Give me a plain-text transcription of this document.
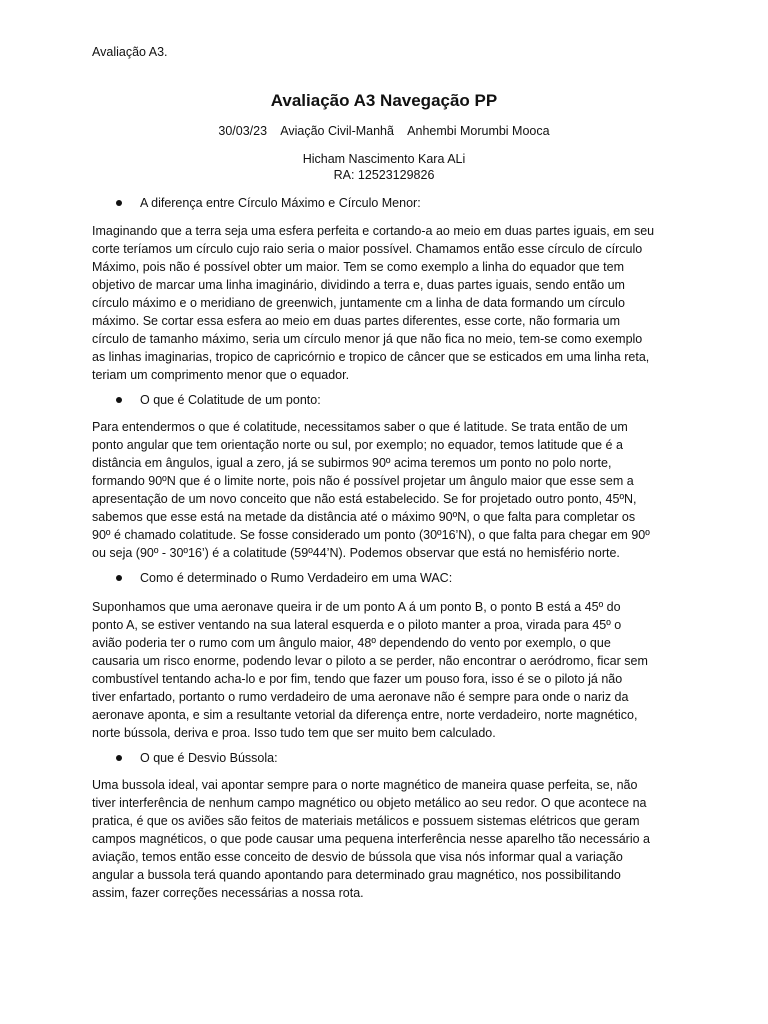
Avaliação A3.
Avaliação A3 Navegação PP
30/03/23    Aviação Civil-Manhã    Anhembi Morumbi Mooca
Hicham Nascimento Kara ALi
RA: 12523129826
A diferença entre Círculo Máximo e Círculo Menor:
Imaginando que a terra seja uma esfera perfeita e cortando-a ao meio em duas partes iguais, em seu
corte teríamos um círculo cujo raio seria o maior possível. Chamamos então esse círculo de círculo
Máximo, pois não é possível obter um maior. Tem se como exemplo a linha do equador que tem
objetivo de marcar uma linha imaginário, dividindo a terra e, duas partes iguais, sendo então um
círculo máximo e o meridiano de greenwich, juntamente cm a linha de data formando um círculo
máximo. Se cortar essa esfera ao meio em duas partes diferentes, esse corte, não formaria um
círculo de tamanho máximo, seria um círculo menor já que não fica no meio, tem-se como exemplo
as linhas imaginarias, tropico de capricórnio e tropico de câncer que se esticados em uma linha reta,
teriam um comprimento menor que o equador.
O que é Colatitude de um ponto:
Para entendermos o que é colatitude, necessitamos saber o que é latitude. Se trata então de um
ponto angular que tem orientação norte ou sul, por exemplo; no equador, temos latitude que é a
distância em ângulos, igual a zero, já se subirmos 90º acima teremos um ponto no polo norte,
formando 90ºN que é o limite norte, pois não é possível projetar um ângulo maior que esse sem a
apresentação de um novo conceito que não está estabelecido. Se for projetado outro ponto, 45ºN,
sabemos que esse está na metade da distância até o máximo 90ºN, o que falta para completar os
90º é chamado colatitude. Se fosse considerado um ponto (30º16’N), o que falta para chegar em 90º
ou seja (90º - 30º16’) é a colatitude (59º44’N). Podemos observar que está no hemisfério norte.
Como é determinado o Rumo Verdadeiro em uma WAC:
Suponhamos que uma aeronave queira ir de um ponto A á um ponto B, o ponto B está a 45º do
ponto A, se estiver ventando na sua lateral esquerda e o piloto manter a proa, virada para 45º o
avião poderia ter o rumo com um ângulo maior, 48º dependendo do vento por exemplo, o que
causaria um risco enorme, podendo levar o piloto a se perder, não encontrar o aeródromo, ficar sem
combustível tentando acha-lo e por fim, tendo que fazer um pouso fora, isso é se o piloto já não
tiver enfartado, portanto o rumo verdadeiro de uma aeronave não é sempre para onde o nariz da
aeronave aponta, e sim a resultante vetorial da diferença entre, norte verdadeiro, norte magnético,
norte bússola, deriva e proa. Isso tudo tem que ser muito bem calculado.
O que é Desvio Bússola:
Uma bussola ideal, vai apontar sempre para o norte magnético de maneira quase perfeita, se, não
tiver interferência de nenhum campo magnético ou objeto metálico ao seu redor. O que acontece na
pratica, é que os aviões são feitos de materiais metálicos e possuem sistemas elétricos que geram
campos magnéticos, o que pode causar uma pequena interferência nesse aparelho tão necessário a
aviação, temos então esse conceito de desvio de bússola que visa nós informar qual a variação
angular a bussola terá quando apontando para determinado grau magnético, nos possibilitando
assim, fazer correções necessárias a nossa rota.
